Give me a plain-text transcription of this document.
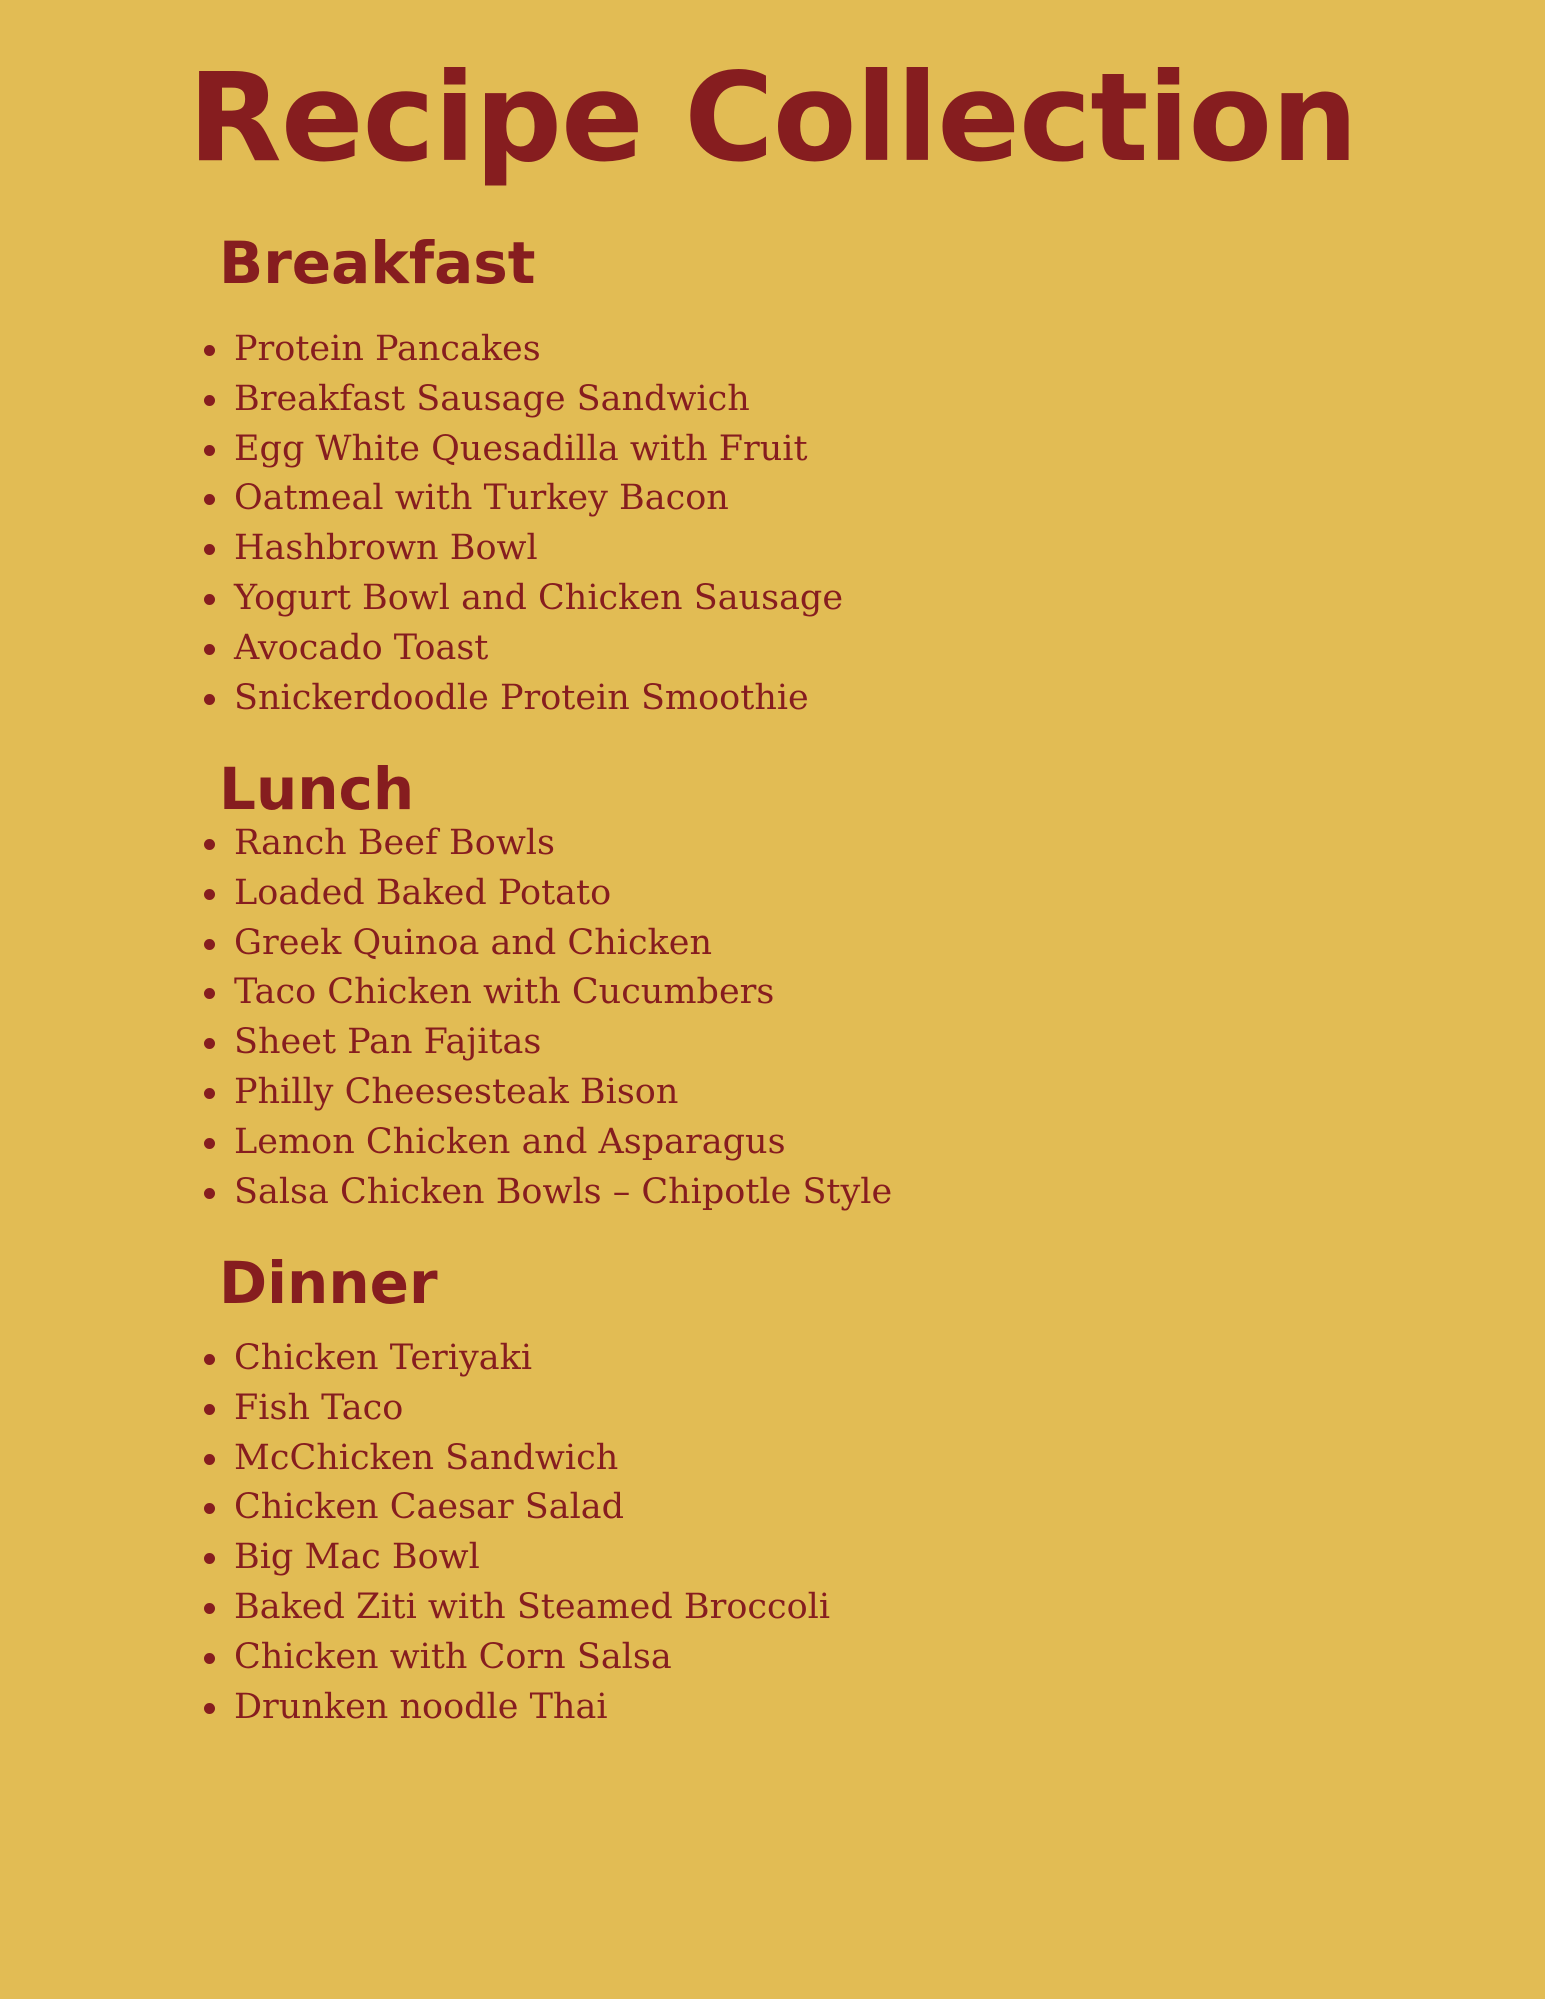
Recipe Collection
Breakfast
Protein Pancakes
Breakfast Sausage Sandwich
Egg White Quesadilla with Fruit
Oatmeal with Turkey Bacon
Hashbrown Bowl
Yogurt Bowl and Chicken Sausage
Avocado Toast
Snickerdoodle Protein Smoothie
Lunch
Ranch Beef Bowls
Loaded Baked Potato
Greek Quinoa and Chicken
Taco Chicken with Cucumbers
Sheet Pan Fajitas
Philly Cheesesteak Bison
Lemon Chicken and Asparagus
Salsa Chicken Bowls – Chipotle Style
Dinner
Chicken Teriyaki
Fish Taco
McChicken Sandwich
Chicken Caesar Salad
Big Mac Bowl
Baked Ziti with Steamed Broccoli
Chicken with Corn Salsa
Drunken noodle Thai
